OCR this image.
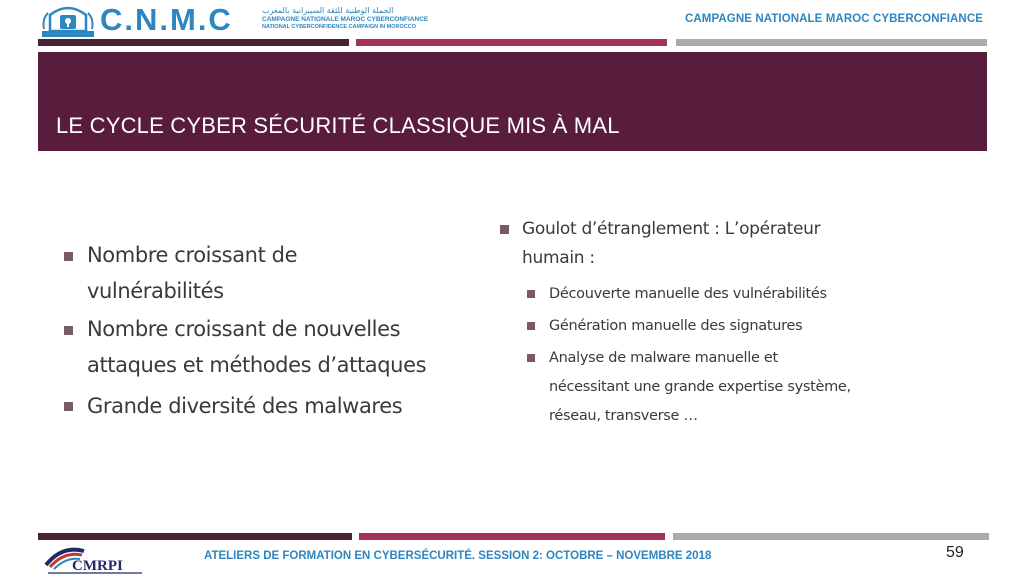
C.N.M.C	الحملة الوطنية للثقة السيبرانية بالمغرب
CAMPAGNE NATIONALE MAROC CYBERCONFIANCE
NATIONAL CYBERCONFIDENCE CAMPAIGN IN MOROCCO
CAMPAGNE NATIONALE MAROC CYBERCONFIANCE
LE CYCLE CYBER SÉCURITÉ CLASSIQUE MIS À MAL
Nombre croissant de
vulnérabilités
Nombre croissant de nouvelles
attaques et méthodes d’attaques
Grande diversité des malwares
Goulot d’étranglement : L’opérateur
humain :
Découverte manuelle des vulnérabilités
Génération manuelle des signatures
Analyse de malware manuelle et
nécessitant une grande expertise système,
réseau, transverse …
CMRPI
ATELIERS DE FORMATION EN CYBERSÉCURITÉ. SESSION 2: OCTOBRE – NOVEMBRE 2018	59
